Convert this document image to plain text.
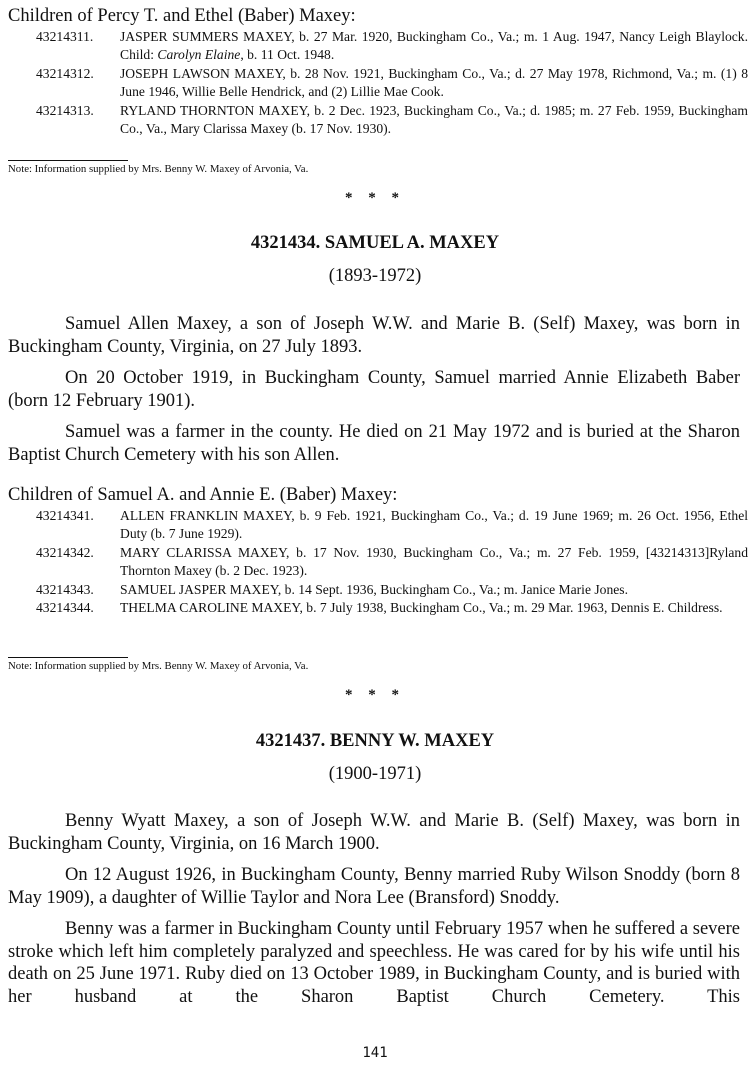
Children of Percy T. and Ethel (Baber) Maxey:
43214311. JASPER SUMMERS MAXEY, b. 27 Mar. 1920, Buckingham Co., Va.; m. 1 Aug. 1947, Nancy Leigh Blaylock. Child: Carolyn Elaine, b. 11 Oct. 1948.
43214312. JOSEPH LAWSON MAXEY, b. 28 Nov. 1921, Buckingham Co., Va.; d. 27 May 1978, Richmond, Va.; m. (1) 8 June 1946, Willie Belle Hendrick, and (2) Lillie Mae Cook.
43214313. RYLAND THORNTON MAXEY, b. 2 Dec. 1923, Buckingham Co., Va.; d. 1985; m. 27 Feb. 1959, Buckingham Co., Va., Mary Clarissa Maxey (b. 17 Nov. 1930).
Note: Information supplied by Mrs. Benny W. Maxey of Arvonia, Va.
* * *
4321434. SAMUEL A. MAXEY
(1893-1972)
Samuel Allen Maxey, a son of Joseph W.W. and Marie B. (Self) Maxey, was born in Buckingham County, Virginia, on 27 July 1893.
On 20 October 1919, in Buckingham County, Samuel married Annie Elizabeth Baber (born 12 February 1901).
Samuel was a farmer in the county. He died on 21 May 1972 and is buried at the Sharon Baptist Church Cemetery with his son Allen.
Children of Samuel A. and Annie E. (Baber) Maxey:
43214341. ALLEN FRANKLIN MAXEY, b. 9 Feb. 1921, Buckingham Co., Va.; d. 19 June 1969; m. 26 Oct. 1956, Ethel Duty (b. 7 June 1929).
43214342. MARY CLARISSA MAXEY, b. 17 Nov. 1930, Buckingham Co., Va.; m. 27 Feb. 1959, [43214313]Ryland Thornton Maxey (b. 2 Dec. 1923).
43214343. SAMUEL JASPER MAXEY, b. 14 Sept. 1936, Buckingham Co., Va.; m. Janice Marie Jones.
43214344. THELMA CAROLINE MAXEY, b. 7 July 1938, Buckingham Co., Va.; m. 29 Mar. 1963, Dennis E. Childress.
Note: Information supplied by Mrs. Benny W. Maxey of Arvonia, Va.
* * *
4321437. BENNY W. MAXEY
(1900-1971)
Benny Wyatt Maxey, a son of Joseph W.W. and Marie B. (Self) Maxey, was born in Buckingham County, Virginia, on 16 March 1900.
On 12 August 1926, in Buckingham County, Benny married Ruby Wilson Snoddy (born 8 May 1909), a daughter of Willie Taylor and Nora Lee (Bransford) Snoddy.
Benny was a farmer in Buckingham County until February 1957 when he suffered a severe stroke which left him completely paralyzed and speechless. He was cared for by his wife until his death on 25 June 1971. Ruby died on 13 October 1989, in Buckingham County, and is buried with her husband at the Sharon Baptist Church Cemetery. This
141
